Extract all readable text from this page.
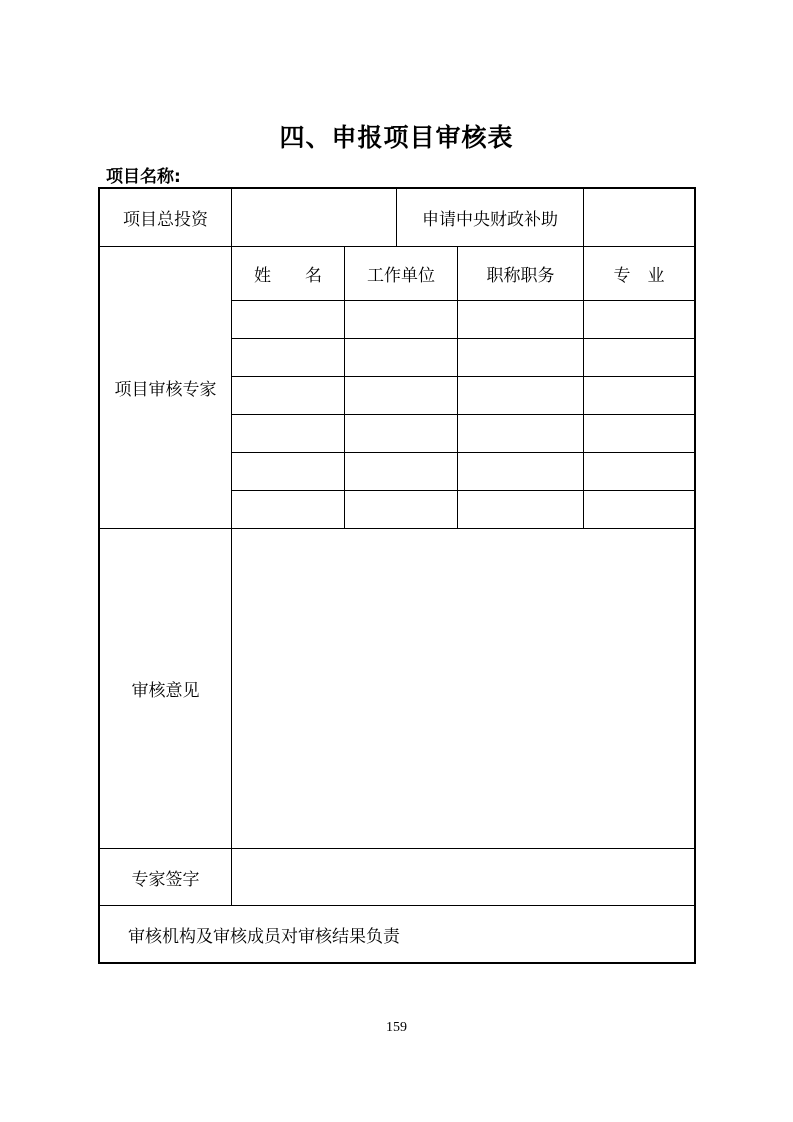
四、申报项目审核表
项目名称:
项目总投资	申请中央财政补助
项目审核专家
姓　　名	工作单位	职称职务	专　业
审核意见
专家签字
审核机构及审核成员对审核结果负责
159
